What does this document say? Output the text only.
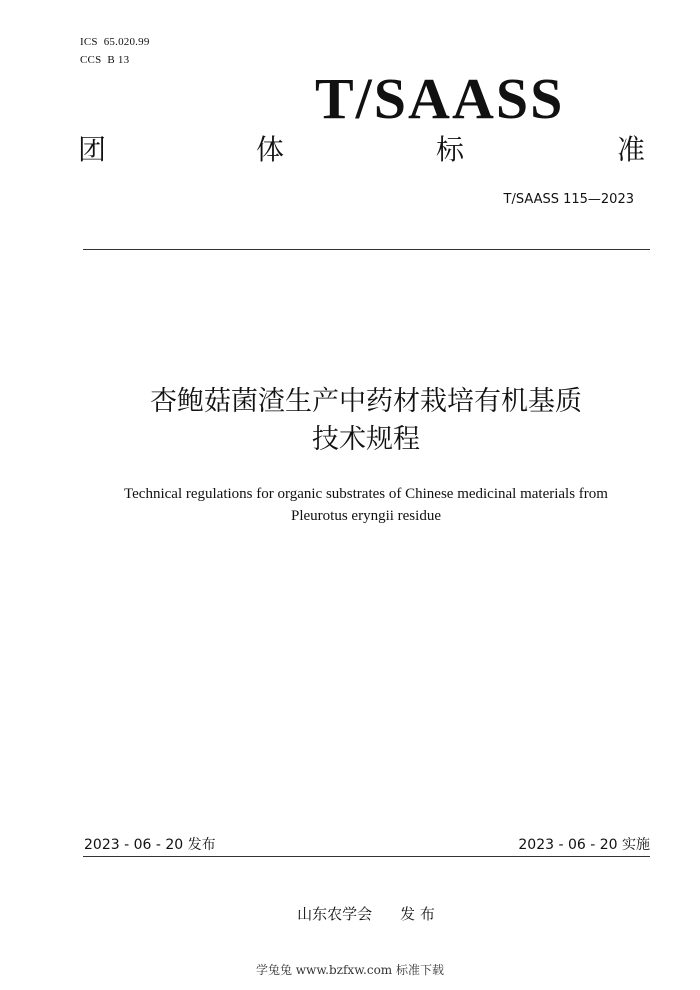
ICS 65.020.99
CCS B 13
T/SAASS
团	体	标	准
T/SAASS 115—2023
杏鲍菇菌渣生产中药材栽培有机基质
技术规程
Technical regulations for organic substrates of Chinese medicinal materials from
Pleurotus eryngii residue
2023 - 06 - 20 发布	2023 - 06 - 20 实施
山东农学会 发 布
学兔兔 www.bzfxw.com 标准下载
